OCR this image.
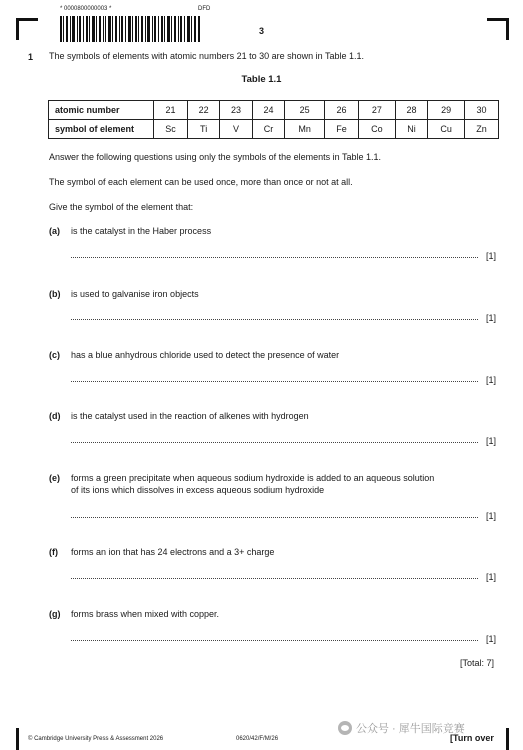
* 0000800000003 *	DFD
3
1 The symbols of elements with atomic numbers 21 to 30 are shown in Table 1.1.
Table 1.1
atomic number	21	22	23	24	25	26	27	28	29	30
symbol of element	Sc	Ti	V	Cr	Mn	Fe	Co	Ni	Cu	Zn
Answer the following questions using only the symbols of the elements in Table 1.1.
The symbol of each element can be used once, more than once or not at all.
Give the symbol of the element that:
(a) is the catalyst in the Haber process
[1]
(b) is used to galvanise iron objects
[1]
(c) has a blue anhydrous chloride used to detect the presence of water
[1]
(d) is the catalyst used in the reaction of alkenes with hydrogen
[1]
(e) forms a green precipitate when aqueous sodium hydroxide is added to an aqueous solution
of its ions which dissolves in excess aqueous sodium hydroxide
[1]
(f) forms an ion that has 24 electrons and a 3+ charge
[1]
(g) forms brass when mixed with copper.
[1]
[Total: 7]
© Cambridge University Press & Assessment 2026	0620/42/F/M/26	[Turn over
公众号 · 犀牛国际竞赛
